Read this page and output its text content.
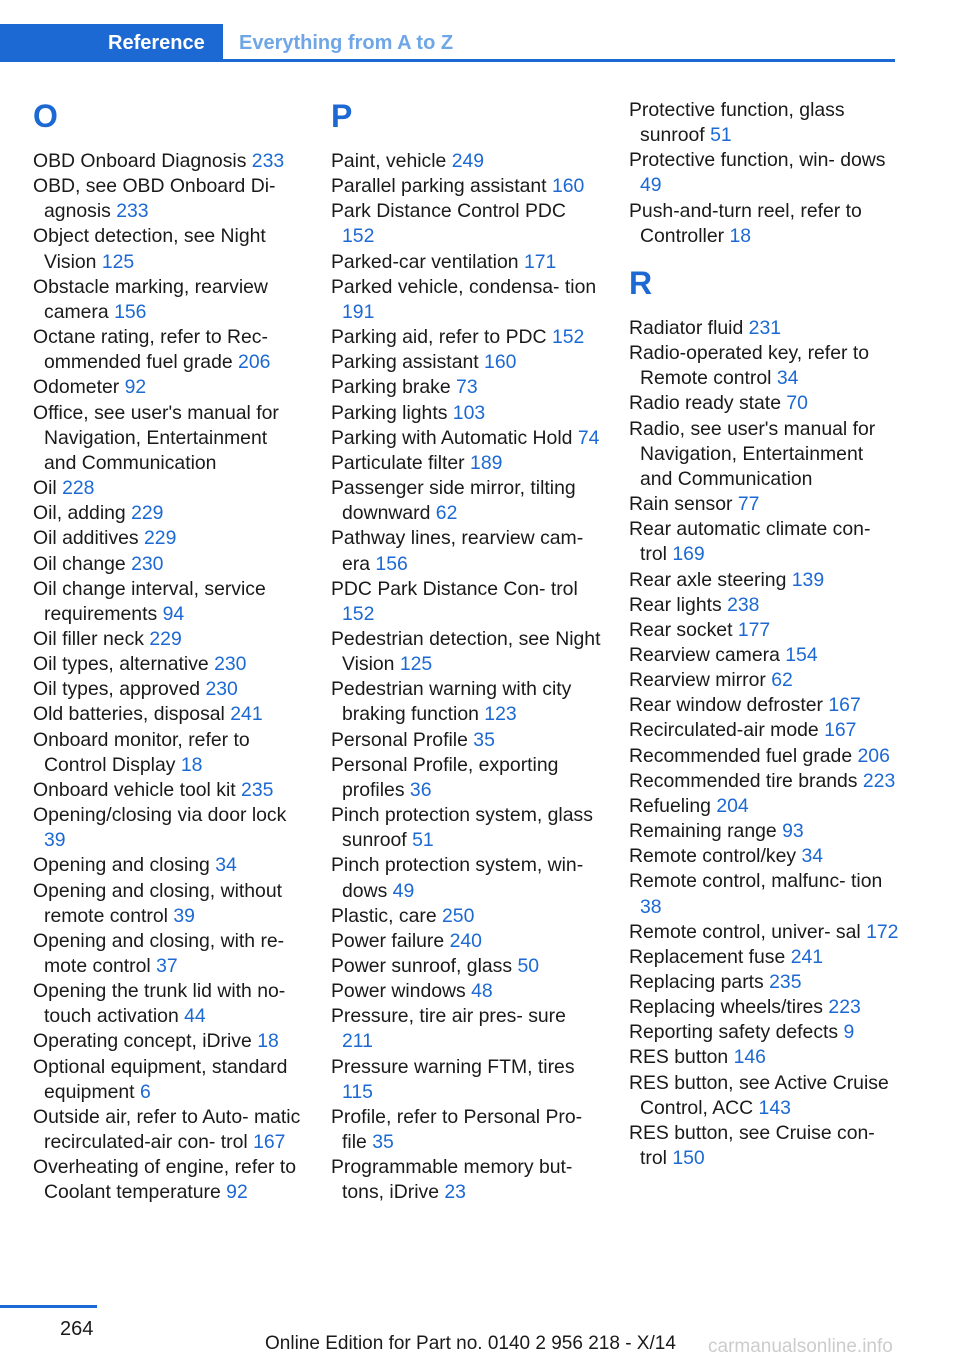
Reference	Everything from A to Z
O
OBD Onboard Diagnosis 233
OBD, see OBD Onboard Di‑ agnosis 233
Object detection, see Night Vision 125
Obstacle marking, rearview camera 156
Octane rating, refer to Rec‑ ommended fuel grade 206
Odometer 92
Office, see user's manual for Navigation, Entertainment and Communication
Oil 228
Oil, adding 229
Oil additives 229
Oil change 230
Oil change interval, service requirements 94
Oil filler neck 229
Oil types, alternative 230
Oil types, approved 230
Old batteries, disposal 241
Onboard monitor, refer to Control Display 18
Onboard vehicle tool kit 235
Opening/closing via door lock 39
Opening and closing 34
Opening and closing, without remote control 39
Opening and closing, with re‑ mote control 37
Opening the trunk lid with no- touch activation 44
Operating concept, iDrive 18
Optional equipment, standard equipment 6
Outside air, refer to Auto‑ matic recirculated-air con‑ trol 167
Overheating of engine, refer to Coolant temperature 92
P
Paint, vehicle 249
Parallel parking assistant 160
Park Distance Control PDC 152
Parked-car ventilation 171
Parked vehicle, condensa‑ tion 191
Parking aid, refer to PDC 152
Parking assistant 160
Parking brake 73
Parking lights 103
Parking with Automatic Hold 74
Particulate filter 189
Passenger side mirror, tilting downward 62
Pathway lines, rearview cam‑ era 156
PDC Park Distance Con‑ trol 152
Pedestrian detection, see Night Vision 125
Pedestrian warning with city braking function 123
Personal Profile 35
Personal Profile, exporting profiles 36
Pinch protection system, glass sunroof 51
Pinch protection system, win‑ dows 49
Plastic, care 250
Power failure 240
Power sunroof, glass 50
Power windows 48
Pressure, tire air pres‑ sure 211
Pressure warning FTM, tires 115
Profile, refer to Personal Pro‑ file 35
Programmable memory but‑ tons, iDrive 23
Protective function, glass sunroof 51
Protective function, win‑ dows 49
Push-and-turn reel, refer to Controller 18
R
Radiator fluid 231
Radio-operated key, refer to Remote control 34
Radio ready state 70
Radio, see user's manual for Navigation, Entertainment and Communication
Rain sensor 77
Rear automatic climate con‑ trol 169
Rear axle steering 139
Rear lights 238
Rear socket 177
Rearview camera 154
Rearview mirror 62
Rear window defroster 167
Recirculated-air mode 167
Recommended fuel grade 206
Recommended tire brands 223
Refueling 204
Remaining range 93
Remote control/key 34
Remote control, malfunc‑ tion 38
Remote control, univer‑ sal 172
Replacement fuse 241
Replacing parts 235
Replacing wheels/tires 223
Reporting safety defects 9
RES button 146
RES button, see Active Cruise Control, ACC 143
RES button, see Cruise con‑ trol 150
264
Online Edition for Part no. 0140 2 956 218 - X/14 carmanualsonline.info
